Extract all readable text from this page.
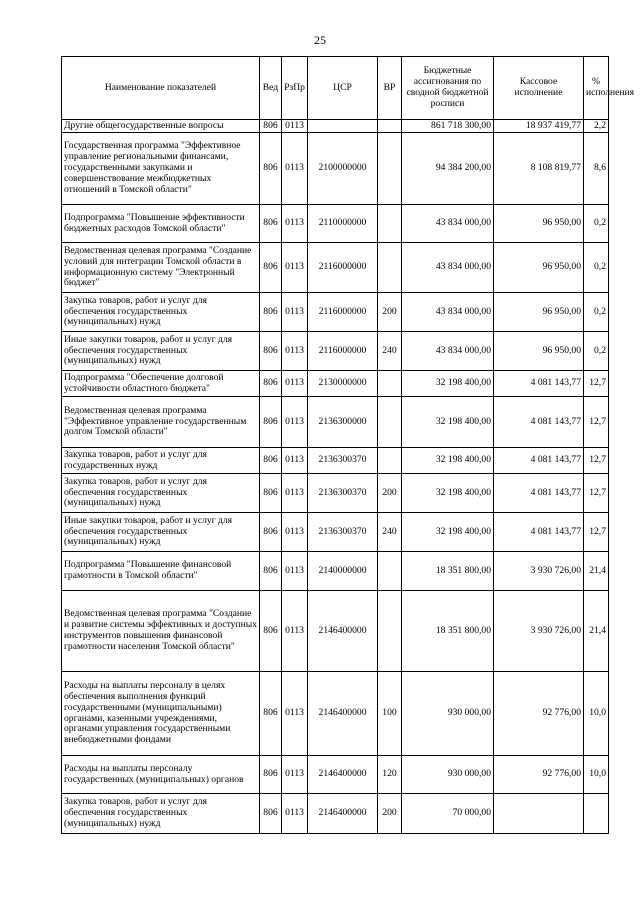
25
Наименование показателей	Вед	РзПр	ЦСР	ВР	Бюджетные ассигнования по сводной бюджетной росписи	Кассовое исполнение	% исполнения
Другие общегосударственные вопросы	806	0113			861 718 300,00	18 937 419,77	2,2
Государственная программа "Эффективное управление региональными финансами, государственными закупками и совершенствование межбюджетных отношений в Томской области"	806	0113	2100000000		94 384 200,00	8 108 819,77	8,6
Подпрограмма "Повышение эффективности бюджетных расходов Томской области"	806	0113	2110000000		43 834 000,00	96 950,00	0,2
Ведомственная целевая программа "Создание условий для интеграции Томской области в информационную систему "Электронный бюджет"	806	0113	2116000000		43 834 000,00	96 950,00	0,2
Закупка товаров, работ и услуг для обеспечения государственных (муниципальных) нужд	806	0113	2116000000	200	43 834 000,00	96 950,00	0,2
Иные закупки товаров, работ и услуг для обеспечения государственных (муниципальных) нужд	806	0113	2116000000	240	43 834 000,00	96 950,00	0,2
Подпрограмма "Обеспечение долговой устойчивости областного бюджета"	806	0113	2130000000		32 198 400,00	4 081 143,77	12,7
Ведомственная целевая программа "Эффективное управление государственным долгом Томской области"	806	0113	2136300000		32 198 400,00	4 081 143,77	12,7
Закупка товаров, работ и услуг для государственных нужд	806	0113	2136300370		32 198 400,00	4 081 143,77	12,7
Закупка товаров, работ и услуг для обеспечения государственных (муниципальных) нужд	806	0113	2136300370	200	32 198 400,00	4 081 143,77	12,7
Иные закупки товаров, работ и услуг для обеспечения государственных (муниципальных) нужд	806	0113	2136300370	240	32 198 400,00	4 081 143,77	12,7
Подпрограмма "Повышение финансовой грамотности в Томской области"	806	0113	2140000000		18 351 800,00	3 930 726,00	21,4
Ведомственная целевая программа "Создание и развитие системы эффективных и доступных инструментов повышения финансовой грамотности населения Томской области"	806	0113	2146400000		18 351 800,00	3 930 726,00	21,4
Расходы на выплаты персоналу в целях обеспечения выполнения функций государственными (муниципальными) органами, казенными учреждениями, органами управления государственными внебюджетными фондами	806	0113	2146400000	100	930 000,00	92 776,00	10,0
Расходы на выплаты персоналу государственных (муниципальных) органов	806	0113	2146400000	120	930 000,00	92 776,00	10,0
Закупка товаров, работ и услуг для обеспечения государственных (муниципальных) нужд	806	0113	2146400000	200	70 000,00		
